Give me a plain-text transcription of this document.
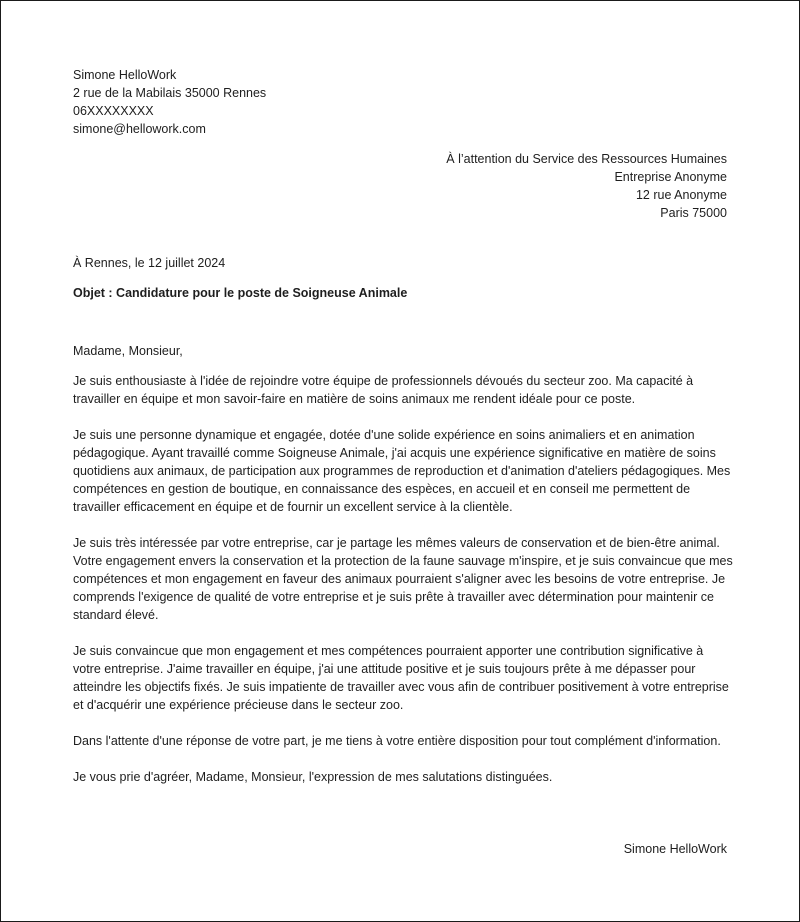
Simone HelloWork
2 rue de la Mabilais 35000 Rennes
06XXXXXXXX
simone@hellowork.com
À l’attention du Service des Ressources Humaines
Entreprise Anonyme
12 rue Anonyme
Paris 75000
À Rennes, le 12 juillet 2024
Objet : Candidature pour le poste de Soigneuse Animale

Madame, Monsieur,

Je suis enthousiaste à l'idée de rejoindre votre équipe de professionnels dévoués du secteur zoo. Ma capacité à travailler en équipe et mon savoir-faire en matière de soins animaux me rendent idéale pour ce poste.

Je suis une personne dynamique et engagée, dotée d'une solide expérience en soins animaliers et en animation pédagogique. Ayant travaillé comme Soigneuse Animale, j'ai acquis une expérience significative en matière de soins quotidiens aux animaux, de participation aux programmes de reproduction et d'animation d'ateliers pédagogiques. Mes compétences en gestion de boutique, en connaissance des espèces, en accueil et en conseil me permettent de travailler efficacement en équipe et de fournir un excellent service à la clientèle.

Je suis très intéressée par votre entreprise, car je partage les mêmes valeurs de conservation et de bien-être animal. Votre engagement envers la conservation et la protection de la faune sauvage m'inspire, et je suis convaincue que mes compétences et mon engagement en faveur des animaux pourraient s'aligner avec les besoins de votre entreprise. Je comprends l'exigence de qualité de votre entreprise et je suis prête à travailler avec détermination pour maintenir ce standard élevé.

Je suis convaincue que mon engagement et mes compétences pourraient apporter une contribution significative à votre entreprise. J'aime travailler en équipe, j'ai une attitude positive et je suis toujours prête à me dépasser pour atteindre les objectifs fixés. Je suis impatiente de travailler avec vous afin de contribuer positivement à votre entreprise et d'acquérir une expérience précieuse dans le secteur zoo.

Dans l'attente d'une réponse de votre part, je me tiens à votre entière disposition pour tout complément d'information.

Je vous prie d'agréer, Madame, Monsieur, l'expression de mes salutations distinguées.

Simone HelloWork
